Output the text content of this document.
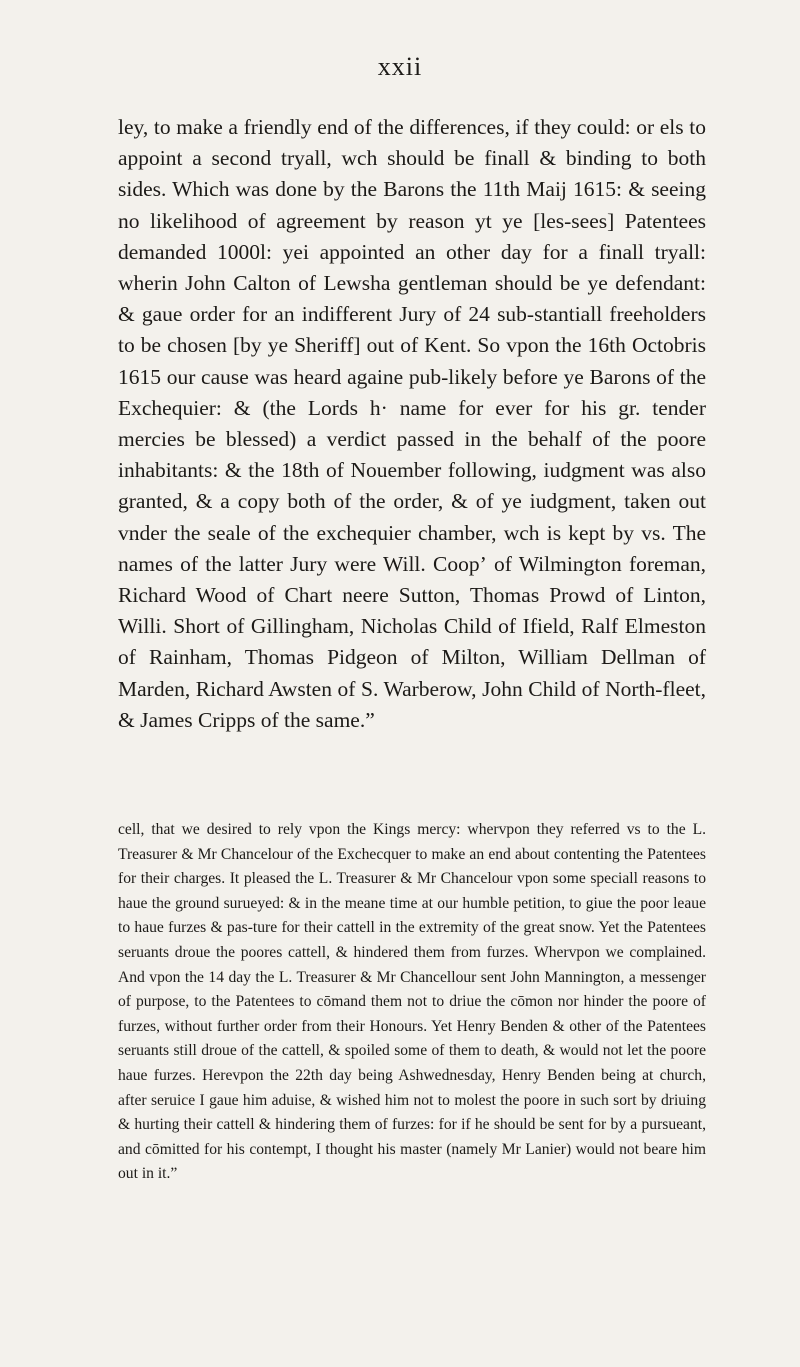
xxii

ley, to make a friendly end of the differences, if they could: or els to appoint a second tryall, wch should be finall & binding to both sides. Which was done by the Barons the 11th Maij 1615: & seeing no likelihood of agreement by reason yt ye [les-sees] Patentees demanded 1000l: yei appointed an other day for a finall tryall: wherin John Calton of Lewsha gentleman should be ye defendant: & gaue order for an indifferent Jury of 24 sub-stantiall freeholders to be chosen [by ye Sheriff] out of Kent. So vpon the 16th Octobris 1615 our cause was heard againe pub-likely before ye Barons of the Exchequier: & (the Lords h· name for ever for his gr. tender mercies be blessed) a verdict passed in the behalf of the poore inhabitants: & the 18th of Nouember following, iudgment was also granted, & a copy both of the order, & of ye iudgment, taken out vnder the seale of the exchequier chamber, wch is kept by vs. The names of the latter Jury were Will. Coopʼ of Wilmington foreman, Richard Wood of Chart neere Sutton, Thomas Prowd of Linton, Willi. Short of Gillingham, Nicholas Child of Ifield, Ralf Elmeston of Rainham, Thomas Pidgeon of Milton, William Dellman of Marden, Richard Awsten of S. Warberow, John Child of North-fleet, & James Cripps of the same.”

cell, that we desired to rely vpon the Kings mercy: whervpon they referred vs to the L. Treasurer & Mr Chancelour of the Exchecquer to make an end about contenting the Patentees for their charges. It pleased the L. Treasurer & Mr Chancelour vpon some speciall reasons to haue the ground surueyed: & in the meane time at our humble petition, to giue the poor leaue to haue furzes & pas-ture for their cattell in the extremity of the great snow. Yet the Patentees seruants droue the poores cattell, & hindered them from furzes. Whervpon we complained. And vpon the 14 day the L. Treasurer & Mr Chancellour sent John Mannington, a messenger of purpose, to the Patentees to cōmand them not to driue the cōmon nor hinder the poore of furzes, without further order from their Honours. Yet Henry Benden & other of the Patentees seruants still droue of the cattell, & spoiled some of them to death, & would not let the poore haue furzes. Herevpon the 22th day being Ashwednesday, Henry Benden being at church, after seruice I gaue him aduise, & wished him not to molest the poore in such sort by driuing & hurting their cattell & hindering them of furzes: for if he should be sent for by a pursueant, and cōmitted for his contempt, I thought his master (namely Mr Lanier) would not beare him out in it.”
